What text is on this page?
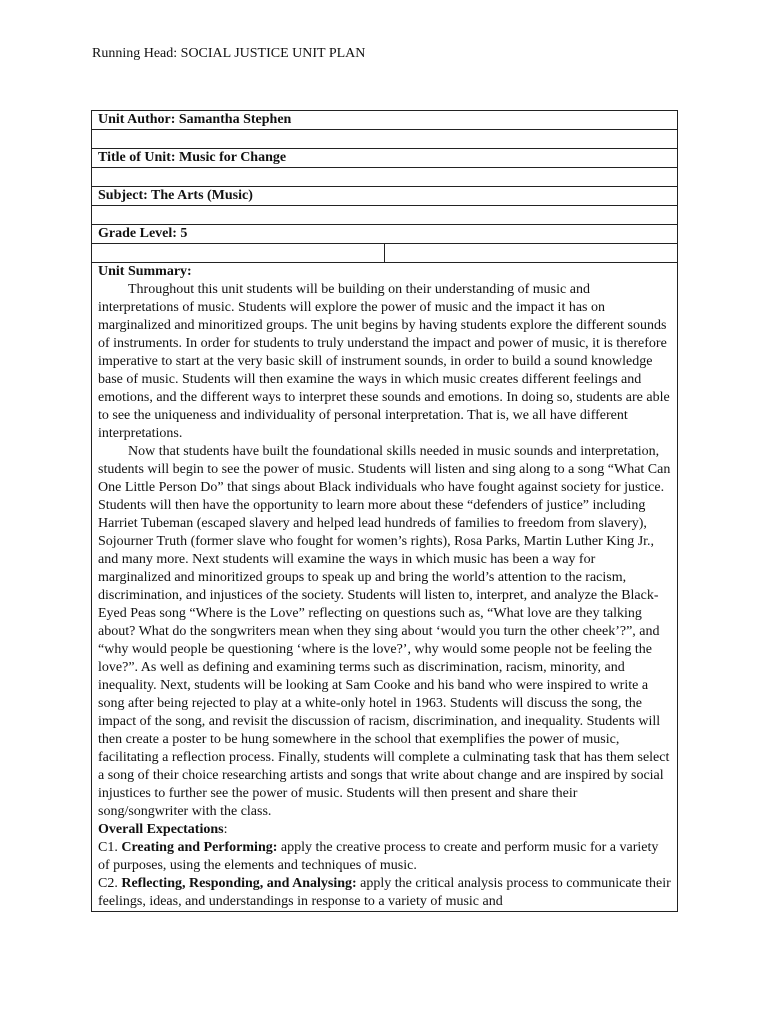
Running Head: SOCIAL JUSTICE UNIT PLAN
Unit Author: Samantha Stephen

Title of Unit: Music for Change

Subject: The Arts (Music)

Grade Level: 5

Unit Summary:

Throughout this unit students will be building on their understanding of music and interpretations of music. Students will explore the power of music and the impact it has on marginalized and minoritized groups. The unit begins by having students explore the different sounds of instruments. In order for students to truly understand the impact and power of music, it is therefore imperative to start at the very basic skill of instrument sounds, in order to build a sound knowledge base of music. Students will then examine the ways in which music creates different feelings and emotions, and the different ways to interpret these sounds and emotions. In doing so, students are able to see the uniqueness and individuality of personal interpretation. That is, we all have different interpretations.

Now that students have built the foundational skills needed in music sounds and interpretation, students will begin to see the power of music. Students will listen and sing along to a song “What Can One Little Person Do” that sings about Black individuals who have fought against society for justice. Students will then have the opportunity to learn more about these “defenders of justice” including Harriet Tubeman (escaped slavery and helped lead hundreds of families to freedom from slavery), Sojourner Truth (former slave who fought for women’s rights), Rosa Parks, Martin Luther King Jr., and many more. Next students will examine the ways in which music has been a way for marginalized and minoritized groups to speak up and bring the world’s attention to the racism, discrimination, and injustices of the society. Students will listen to, interpret, and analyze the Black-Eyed Peas song “Where is the Love” reflecting on questions such as, “What love are they talking about? What do the songwriters mean when they sing about ‘would you turn the other cheek’?”, and “why would people be questioning ‘where is the love?’, why would some people not be feeling the love?”. As well as defining and examining terms such as discrimination, racism, minority, and inequality. Next, students will be looking at Sam Cooke and his band who were inspired to write a song after being rejected to play at a white-only hotel in 1963. Students will discuss the song, the impact of the song, and revisit the discussion of racism, discrimination, and inequality. Students will then create a poster to be hung somewhere in the school that exemplifies the power of music, facilitating a reflection process. Finally, students will complete a culminating task that has them select a song of their choice researching artists and songs that write about change and are inspired by social injustices to further see the power of music. Students will then present and share their song/songwriter with the class.

Overall Expectations:

C1. Creating and Performing: apply the creative process to create and perform music for a variety of purposes, using the elements and techniques of music.

C2. Reflecting, Responding, and Analysing: apply the critical analysis process to communicate their feelings, ideas, and understandings in response to a variety of music and
